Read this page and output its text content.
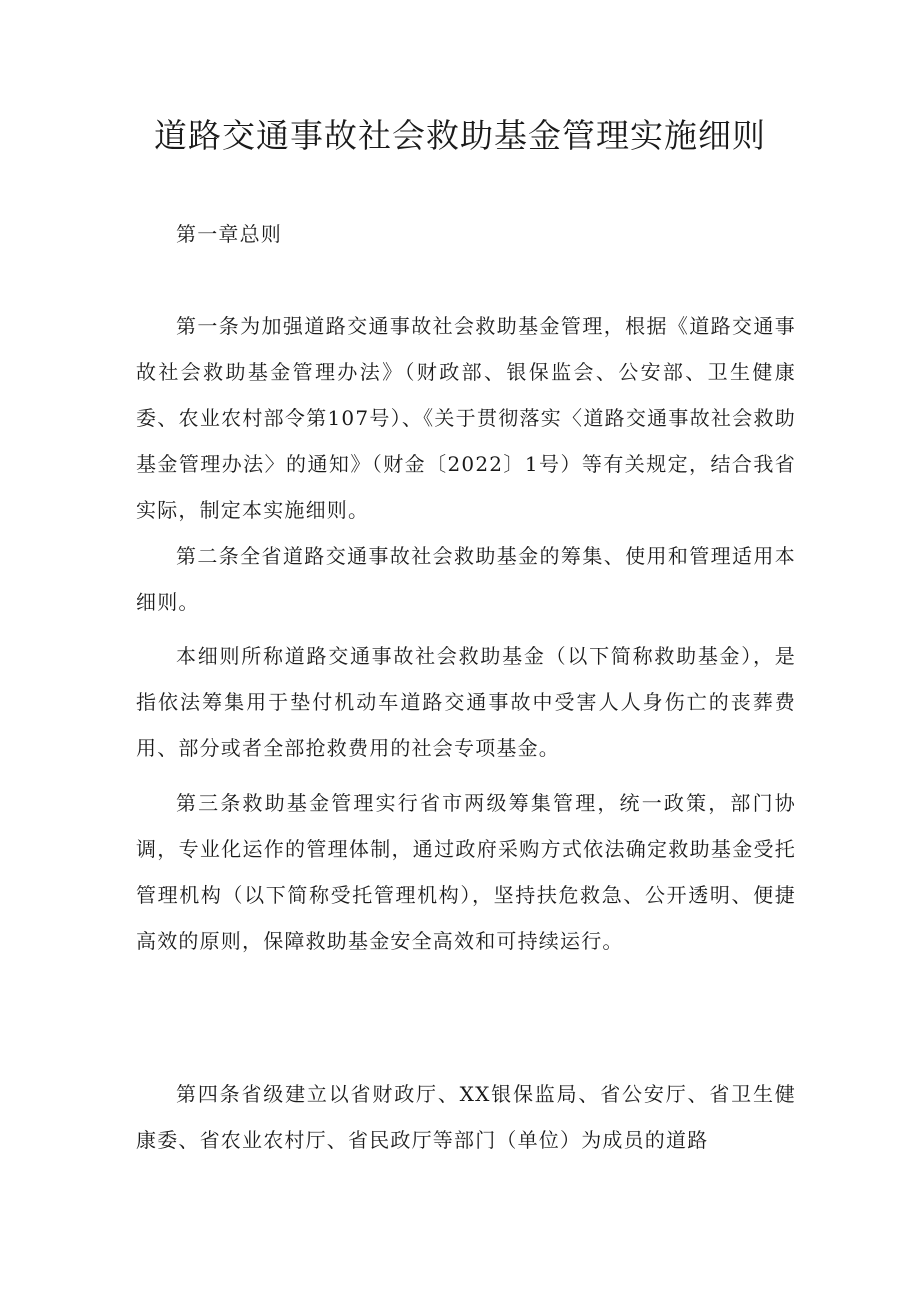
道路交通事故社会救助基金管理实施细则

第一章总则

第一条为加强道路交通事故社会救助基金管理，根据《道路交通事故社会救助基金管理办法》（财政部、银保监会、公安部、卫生健康委、农业农村部令第107号）、《关于贯彻落实〈道路交通事故社会救助基金管理办法〉的通知》（财金〔2022〕1号）等有关规定，结合我省实际，制定本实施细则。

第二条全省道路交通事故社会救助基金的筹集、使用和管理适用本细则。

本细则所称道路交通事故社会救助基金（以下简称救助基金），是指依法筹集用于垫付机动车道路交通事故中受害人人身伤亡的丧葬费用、部分或者全部抢救费用的社会专项基金。

第三条救助基金管理实行省市两级筹集管理，统一政策，部门协调，专业化运作的管理体制，通过政府采购方式依法确定救助基金受托管理机构（以下简称受托管理机构），坚持扶危救急、公开透明、便捷高效的原则，保障救助基金安全高效和可持续运行。

第四条省级建立以省财政厅、XX银保监局、省公安厅、省卫生健康委、省农业农村厅、省民政厅等部门（单位）为成员的道路
